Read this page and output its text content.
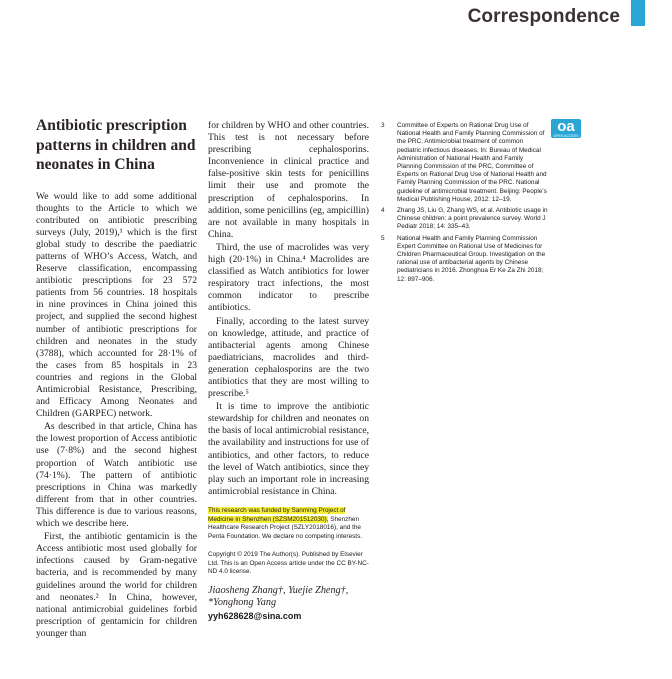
Correspondence
Antibiotic prescription patterns in children and neonates in China

We would like to add some additional thoughts to the Article to which we contributed on antibiotic prescribing surveys (July, 2019),¹ which is the first global study to describe the paediatric patterns of WHO’s Access, Watch, and Reserve classification, encompassing antibiotic prescriptions for 23 572 patients from 56 countries. 18 hospitals in nine provinces in China joined this project, and supplied the second highest number of antibiotic prescriptions for children and neonates in the study (3788), which accounted for 28·1% of the cases from 85 hospitals in 23 countries and regions in the Global Antimicrobial Resistance, Prescribing, and Efficacy Among Neonates and Children (GARPEC) network.

As described in that article, China has the lowest proportion of Access antibiotic use (7·8%) and the second highest proportion of Watch antibiotic use (74·1%). The pattern of antibiotic prescriptions in China was markedly different from that in other countries. This difference is due to various reasons, which we describe here.

First, the antibiotic gentamicin is the Access antibiotic most used globally for infections caused by Gram-negative bacteria, and is recommended by many guidelines around the world for children and neonates.² In China, however, national antimicrobial guidelines forbid prescription of gentamicin for children younger than

for children by WHO and other countries. This test is not necessary before prescribing cephalosporins. Inconvenience in clinical practice and false-positive skin tests for penicillins limit their use and promote the prescription of cephalosporins. In addition, some penicillins (eg, ampicillin) are not available in many hospitals in China.

Third, the use of macrolides was very high (20·1%) in China.⁴ Macrolides are classified as Watch antibiotics for lower respiratory tract infections, the most common indicator to prescribe antibiotics.

Finally, according to the latest survey on knowledge, attitude, and practice of antibacterial agents among Chinese paediatricians, macrolides and third-generation cephalosporins are the two antibiotics that they are most willing to prescribe.⁵

It is time to improve the antibiotic stewardship for children and neonates on the basis of local antimicrobial resistance, the availability and instructions for use of antibiotics, and other factors, to reduce the level of Watch antibiotics, since they play such an important role in increasing antimicrobial resistance in China.

This research was funded by Sanming Project of Medicine in Shenzhen (SZSM201512030), Shenzhen Healthcare Research Project (SZLY2018016), and the Penta Foundation. We declare no competing interests.
Copyright © 2019 The Author(s). Published by Elsevier Ltd. This is an Open Access article under the CC BY-NC-ND 4.0 license.
Jiaosheng Zhang†, Yuejie Zheng†,
*Yonghong Yang
yyh628628@sina.com
oa
OPEN ACCESS
3	Committee of Experts on Rational Drug Use of National Health and Family Planning Commission of the PRC. Antimicrobial treatment of common pediatric infectious diseases. In: Bureau of Medical Administration of National Health and Family Planning Commission of the PRC, Committee of Experts on Rational Drug Use of National Health and Family Planning Commission of the PRC. National guideline of antimicrobial treatment. Beijing: People’s Medical Publishing House, 2012: 12–19.
4	Zhang JS, Liu G, Zhang WS, et al. Antibiotic usage in Chinese children: a point prevalence survey. World J Pediatr 2018; 14: 335–43.
5	National Health and Family Planning Commission Expert Committee on Rational Use of Medicines for Children Pharmaceutical Group. Investigation on the rational use of antibacterial agents by Chinese pediatricians in 2016. Zhonghua Er Ke Za Zhi 2018; 12: 897–906.
